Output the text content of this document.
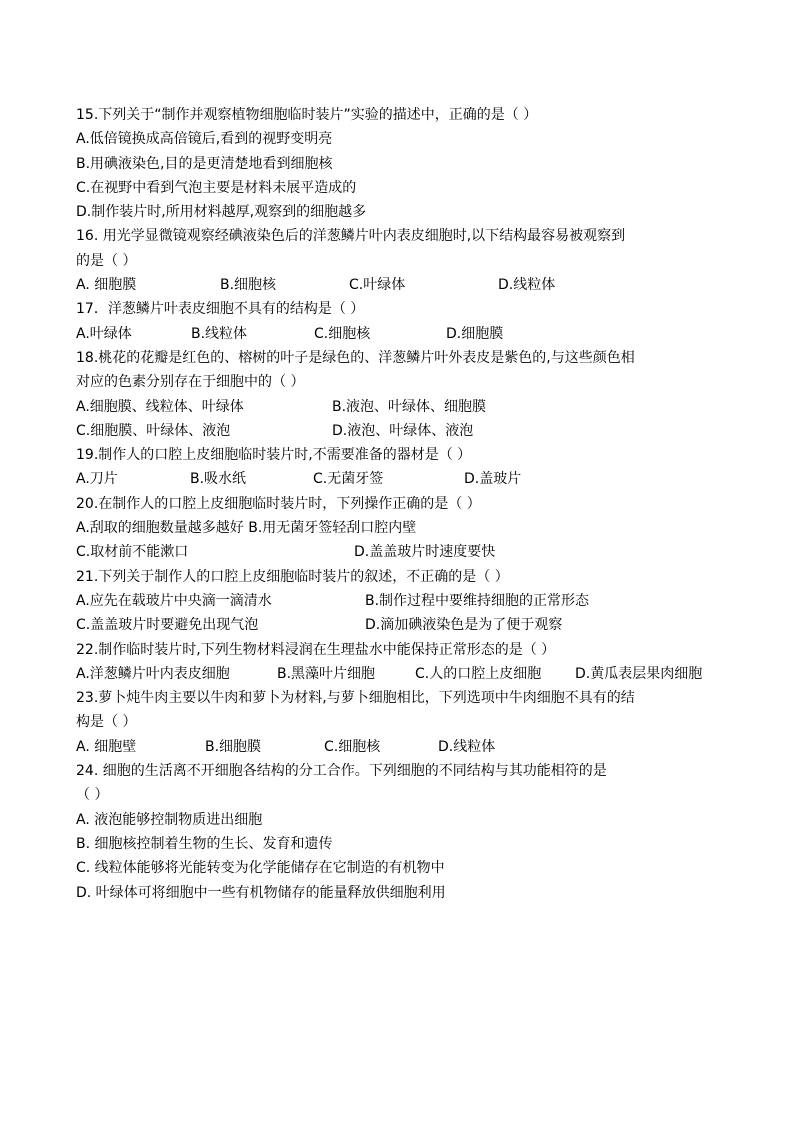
15.下列关于“制作并观察植物细胞临时装片”实验的描述中，正确的是（ ）
A.低倍镜换成高倍镜后,看到的视野变明亮
B.用碘液染色,目的是更清楚地看到细胞核
C.在视野中看到气泡主要是材料未展平造成的
D.制作装片时,所用材料越厚,观察到的细胞越多
16. 用光学显微镜观察经碘液染色后的洋葱鳞片叶内表皮细胞时,以下结构最容易被观察到
的是（ ）
A. 细胞膜	B.细胞核	C.叶绿体	D.线粒体
17．洋葱鳞片叶表皮细胞不具有的结构是（ ）
A.叶绿体	B.线粒体	C.细胞核	D.细胞膜
18.桃花的花瓣是红色的、榕树的叶子是绿色的、洋葱鳞片叶外表皮是紫色的,与这些颜色相
对应的色素分别存在于细胞中的（ ）
A.细胞膜、线粒体、叶绿体	B.液泡、叶绿体、细胞膜
C.细胞膜、叶绿体、液泡	D.液泡、叶绿体、液泡
19.制作人的口腔上皮细胞临时装片时,不需要准备的器材是（ ）
A.刀片	B.吸水纸	C.无菌牙签	D.盖玻片
20.在制作人的口腔上皮细胞临时装片时，下列操作正确的是（ ）
A.刮取的细胞数量越多越好 B.用无菌牙签轻刮口腔内壁
C.取材前不能漱口	D.盖盖玻片时速度要快
21.下列关于制作人的口腔上皮细胞临时装片的叙述，不正确的是（ ）
A.应先在载玻片中央滴一滴清水	B.制作过程中要维持细胞的正常形态
C.盖盖玻片时要避免出现气泡	D.滴加碘液染色是为了便于观察
22.制作临时装片时,下列生物材料浸润在生理盐水中能保持正常形态的是（ ）
A.洋葱鳞片叶内表皮细胞	B.黑藻叶片细胞	C.人的口腔上皮细胞 D.黄瓜表层果肉细胞
23.萝卜炖牛肉主要以牛肉和萝卜为材料,与萝卜细胞相比，下列选项中牛肉细胞不具有的结
构是（ ）
A. 细胞壁	B.细胞膜	C.细胞核	D.线粒体
24. 细胞的生活离不开细胞各结构的分工合作。下列细胞的不同结构与其功能相符的是
（ ）
A. 液泡能够控制物质进出细胞
B. 细胞核控制着生物的生长、发育和遗传
C. 线粒体能够将光能转变为化学能储存在它制造的有机物中
D. 叶绿体可将细胞中一些有机物储存的能量释放供细胞利用
